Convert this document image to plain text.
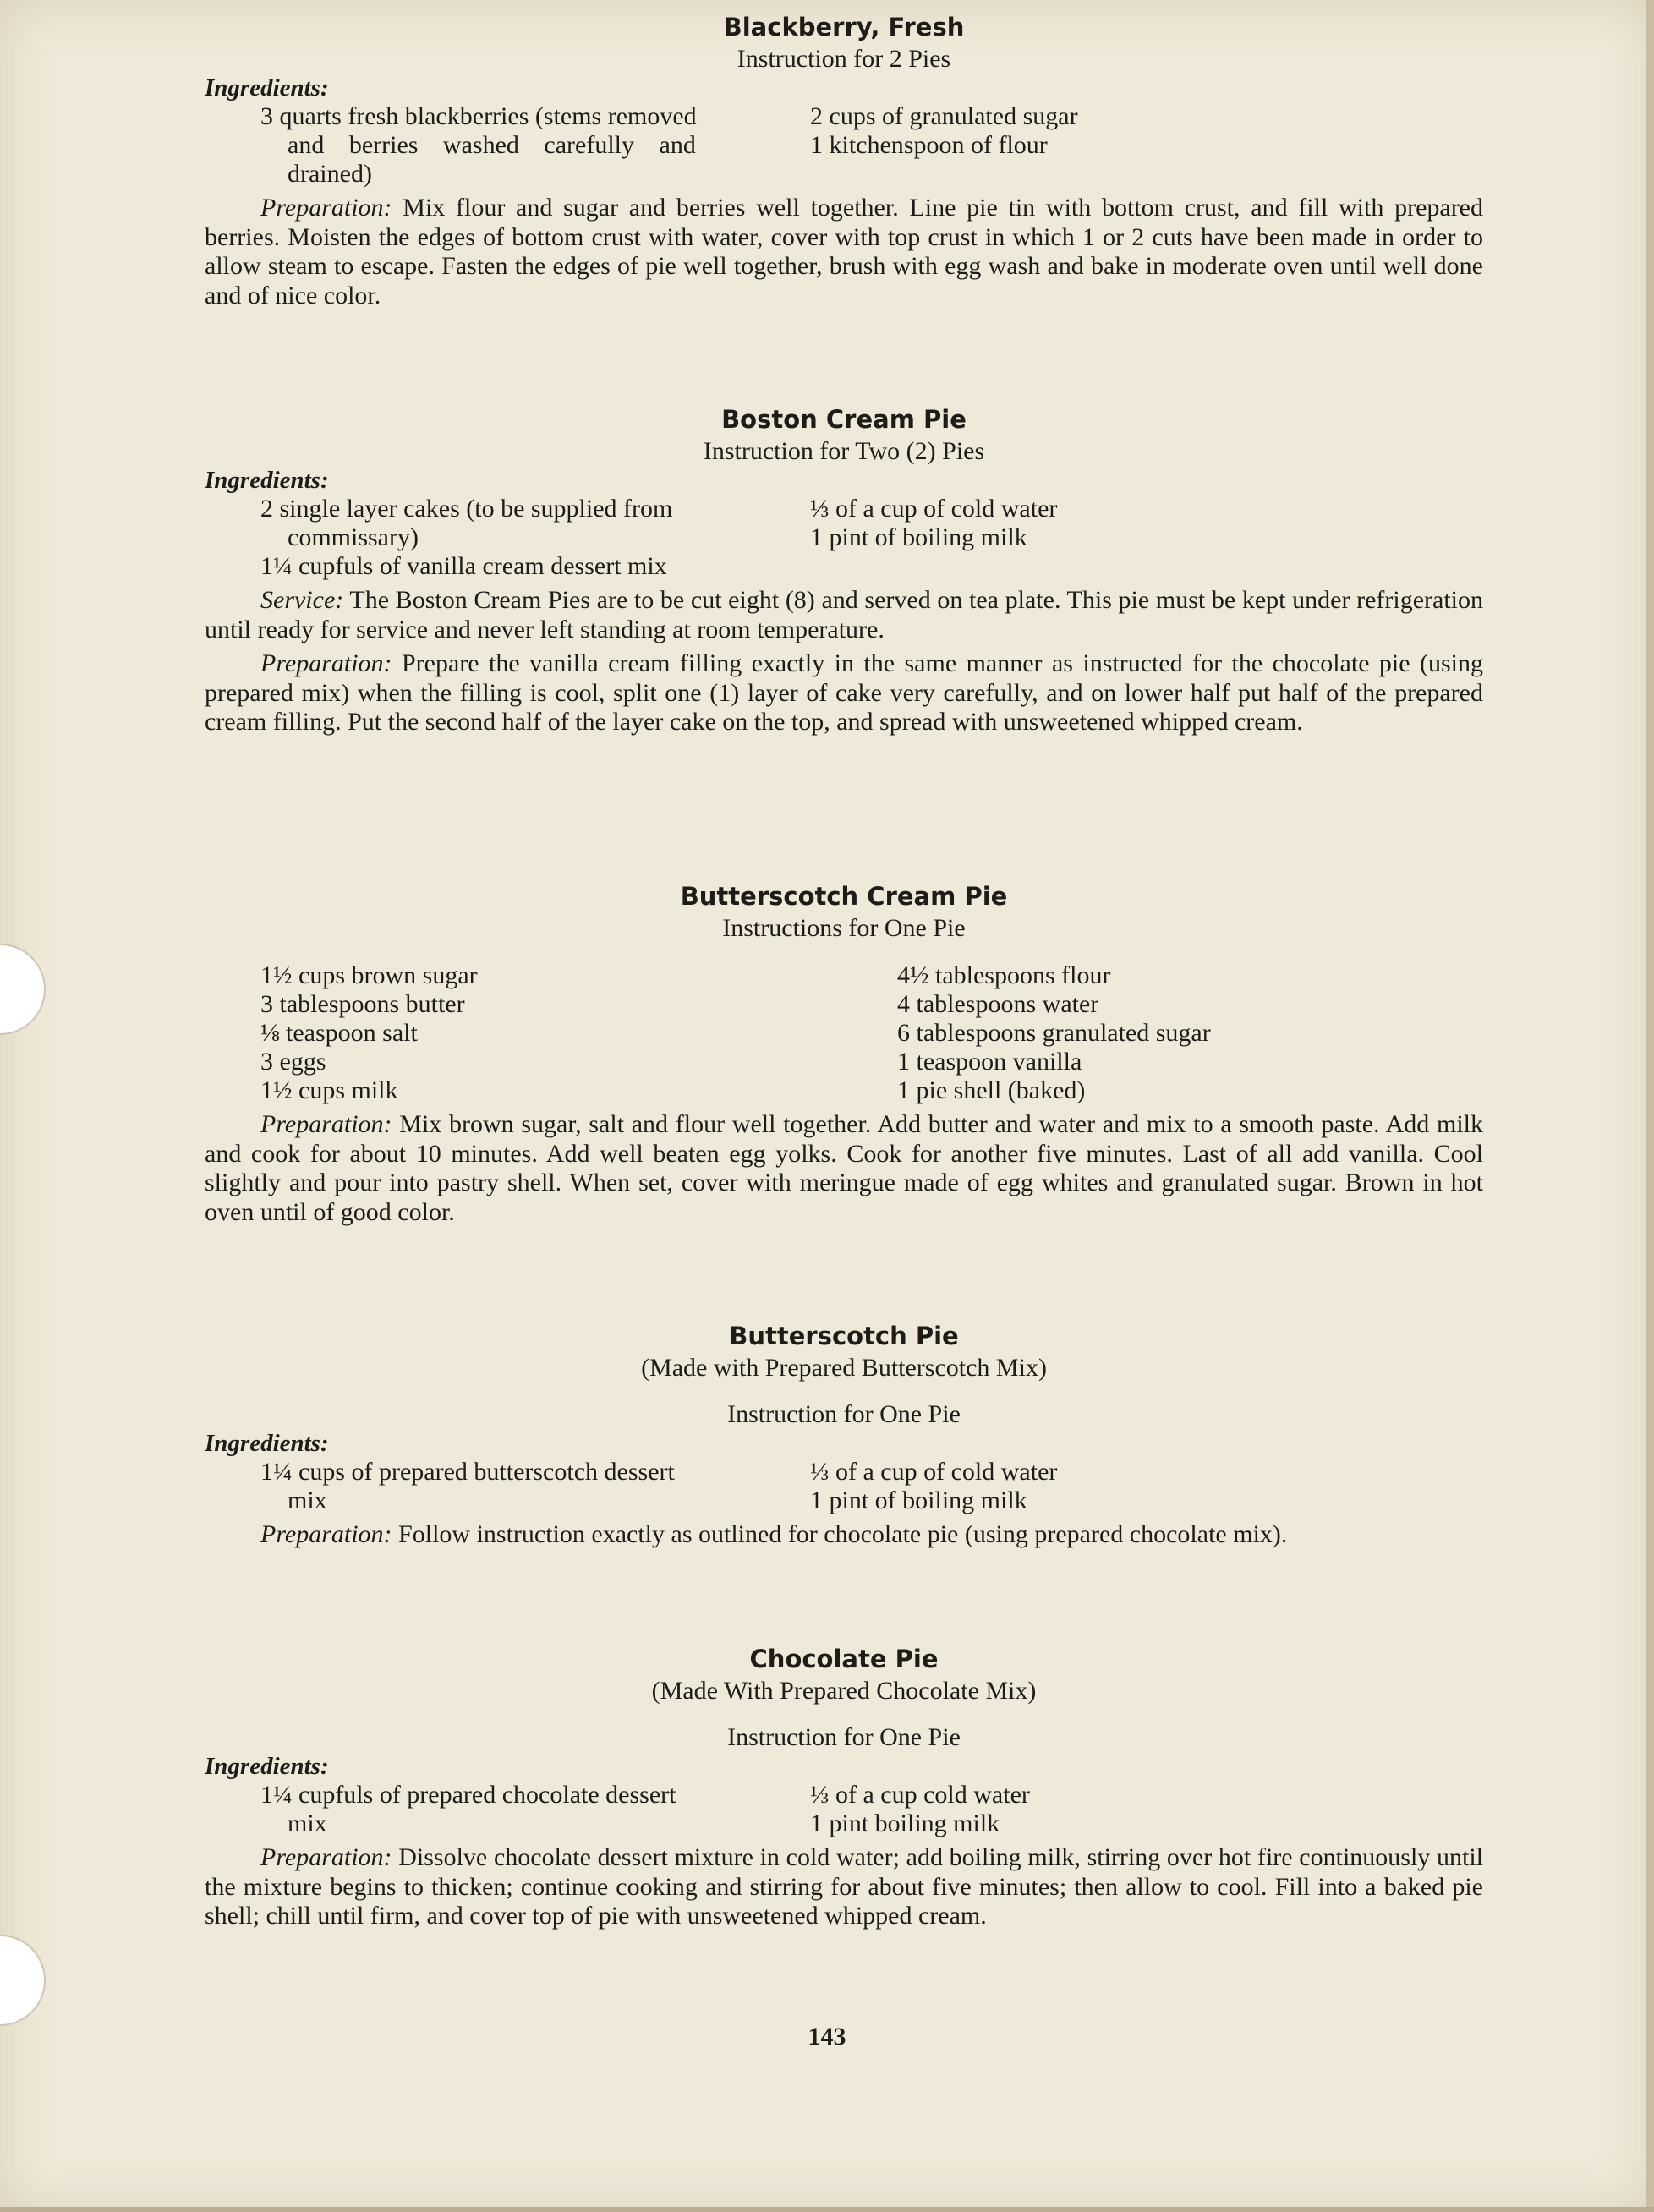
Blackberry, Fresh
Instruction for 2 Pies
Ingredients:
3 quarts fresh blackberries (stems removed
and berries washed carefully and
drained)
2 cups of granulated sugar
1 kitchenspoon of flour
Preparation: Mix flour and sugar and berries well together. Line pie tin with bottom crust, and fill with prepared berries. Moisten the edges of bottom crust with water, cover with top crust in which 1 or 2 cuts have been made in order to allow steam to escape. Fasten the edges of pie well together, brush with egg wash and bake in moderate oven until well done and of nice color.
Boston Cream Pie
Instruction for Two (2) Pies
Ingredients:
2 single layer cakes (to be supplied from
commissary)
⅓ of a cup of cold water
1 pint of boiling milk
1¼ cupfuls of vanilla cream dessert mix
Service: The Boston Cream Pies are to be cut eight (8) and served on tea plate. This pie must be kept under refrigeration until ready for service and never left standing at room temperature.
Preparation: Prepare the vanilla cream filling exactly in the same manner as instructed for the chocolate pie (using prepared mix) when the filling is cool, split one (1) layer of cake very carefully, and on lower half put half of the prepared cream filling. Put the second half of the layer cake on the top, and spread with unsweetened whipped cream.
Butterscotch Cream Pie
Instructions for One Pie
1½ cups brown sugar
3 tablespoons butter
⅛ teaspoon salt
3 eggs
1½ cups milk
4½ tablespoons flour
4 tablespoons water
6 tablespoons granulated sugar
1 teaspoon vanilla
1 pie shell (baked)
Preparation: Mix brown sugar, salt and flour well together. Add butter and water and mix to a smooth paste. Add milk and cook for about 10 minutes. Add well beaten egg yolks. Cook for another five minutes. Last of all add vanilla. Cool slightly and pour into pastry shell. When set, cover with meringue made of egg whites and granulated sugar. Brown in hot oven until of good color.
Butterscotch Pie
(Made with Prepared Butterscotch Mix)
Instruction for One Pie
Ingredients:
1¼ cups of prepared butterscotch dessert
mix
⅓ of a cup of cold water
1 pint of boiling milk
Preparation: Follow instruction exactly as outlined for chocolate pie (using prepared chocolate mix).
Chocolate Pie
(Made With Prepared Chocolate Mix)
Instruction for One Pie
Ingredients:
1¼ cupfuls of prepared chocolate dessert
mix
⅓ of a cup cold water
1 pint boiling milk
Preparation: Dissolve chocolate dessert mixture in cold water; add boiling milk, stirring over hot fire continuously until the mixture begins to thicken; continue cooking and stirring for about five minutes; then allow to cool. Fill into a baked pie shell; chill until firm, and cover top of pie with unsweetened whipped cream.
143
